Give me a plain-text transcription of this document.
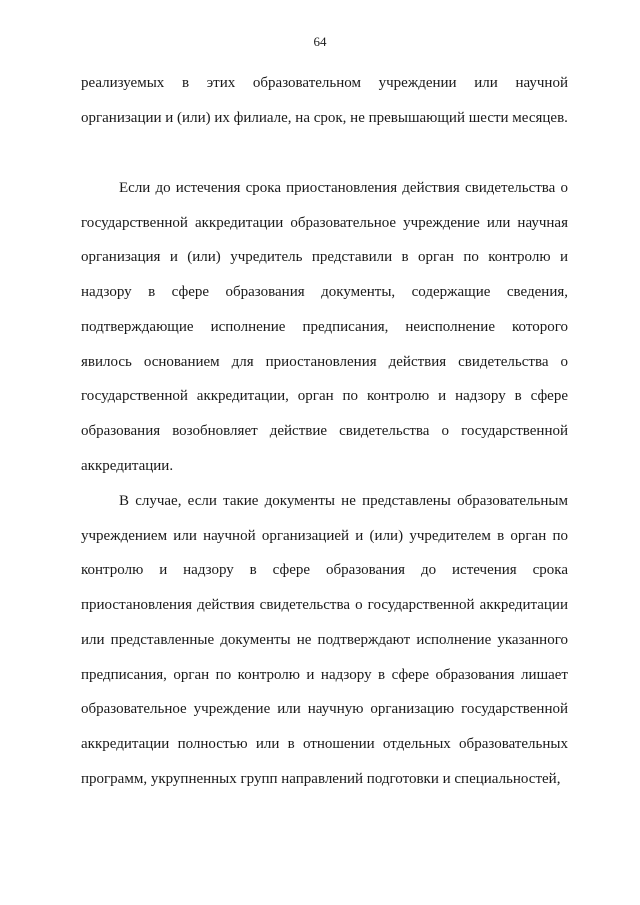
64

реализуемых в этих образовательном учреждении или научной организации и (или) их филиале, на срок, не превышающий шести месяцев.

Если до истечения срока приостановления действия свидетельства о государственной аккредитации образовательное учреждение или научная организация и (или) учредитель представили в орган по контролю и надзору в сфере образования документы, содержащие сведения, подтверждающие исполнение предписания, неисполнение которого явилось основанием для приостановления действия свидетельства о государственной аккредитации, орган по контролю и надзору в сфере образования возобновляет действие свидетельства о государственной аккредитации.

В случае, если такие документы не представлены образовательным учреждением или научной организацией и (или) учредителем в орган по контролю и надзору в сфере образования до истечения срока приостановления действия свидетельства о государственной аккредитации или представленные документы не подтверждают исполнение указанного предписания, орган по контролю и надзору в сфере образования лишает образовательное учреждение или научную организацию государственной аккредитации полностью или в отношении отдельных образовательных программ, укрупненных групп направлений подготовки и специальностей,
